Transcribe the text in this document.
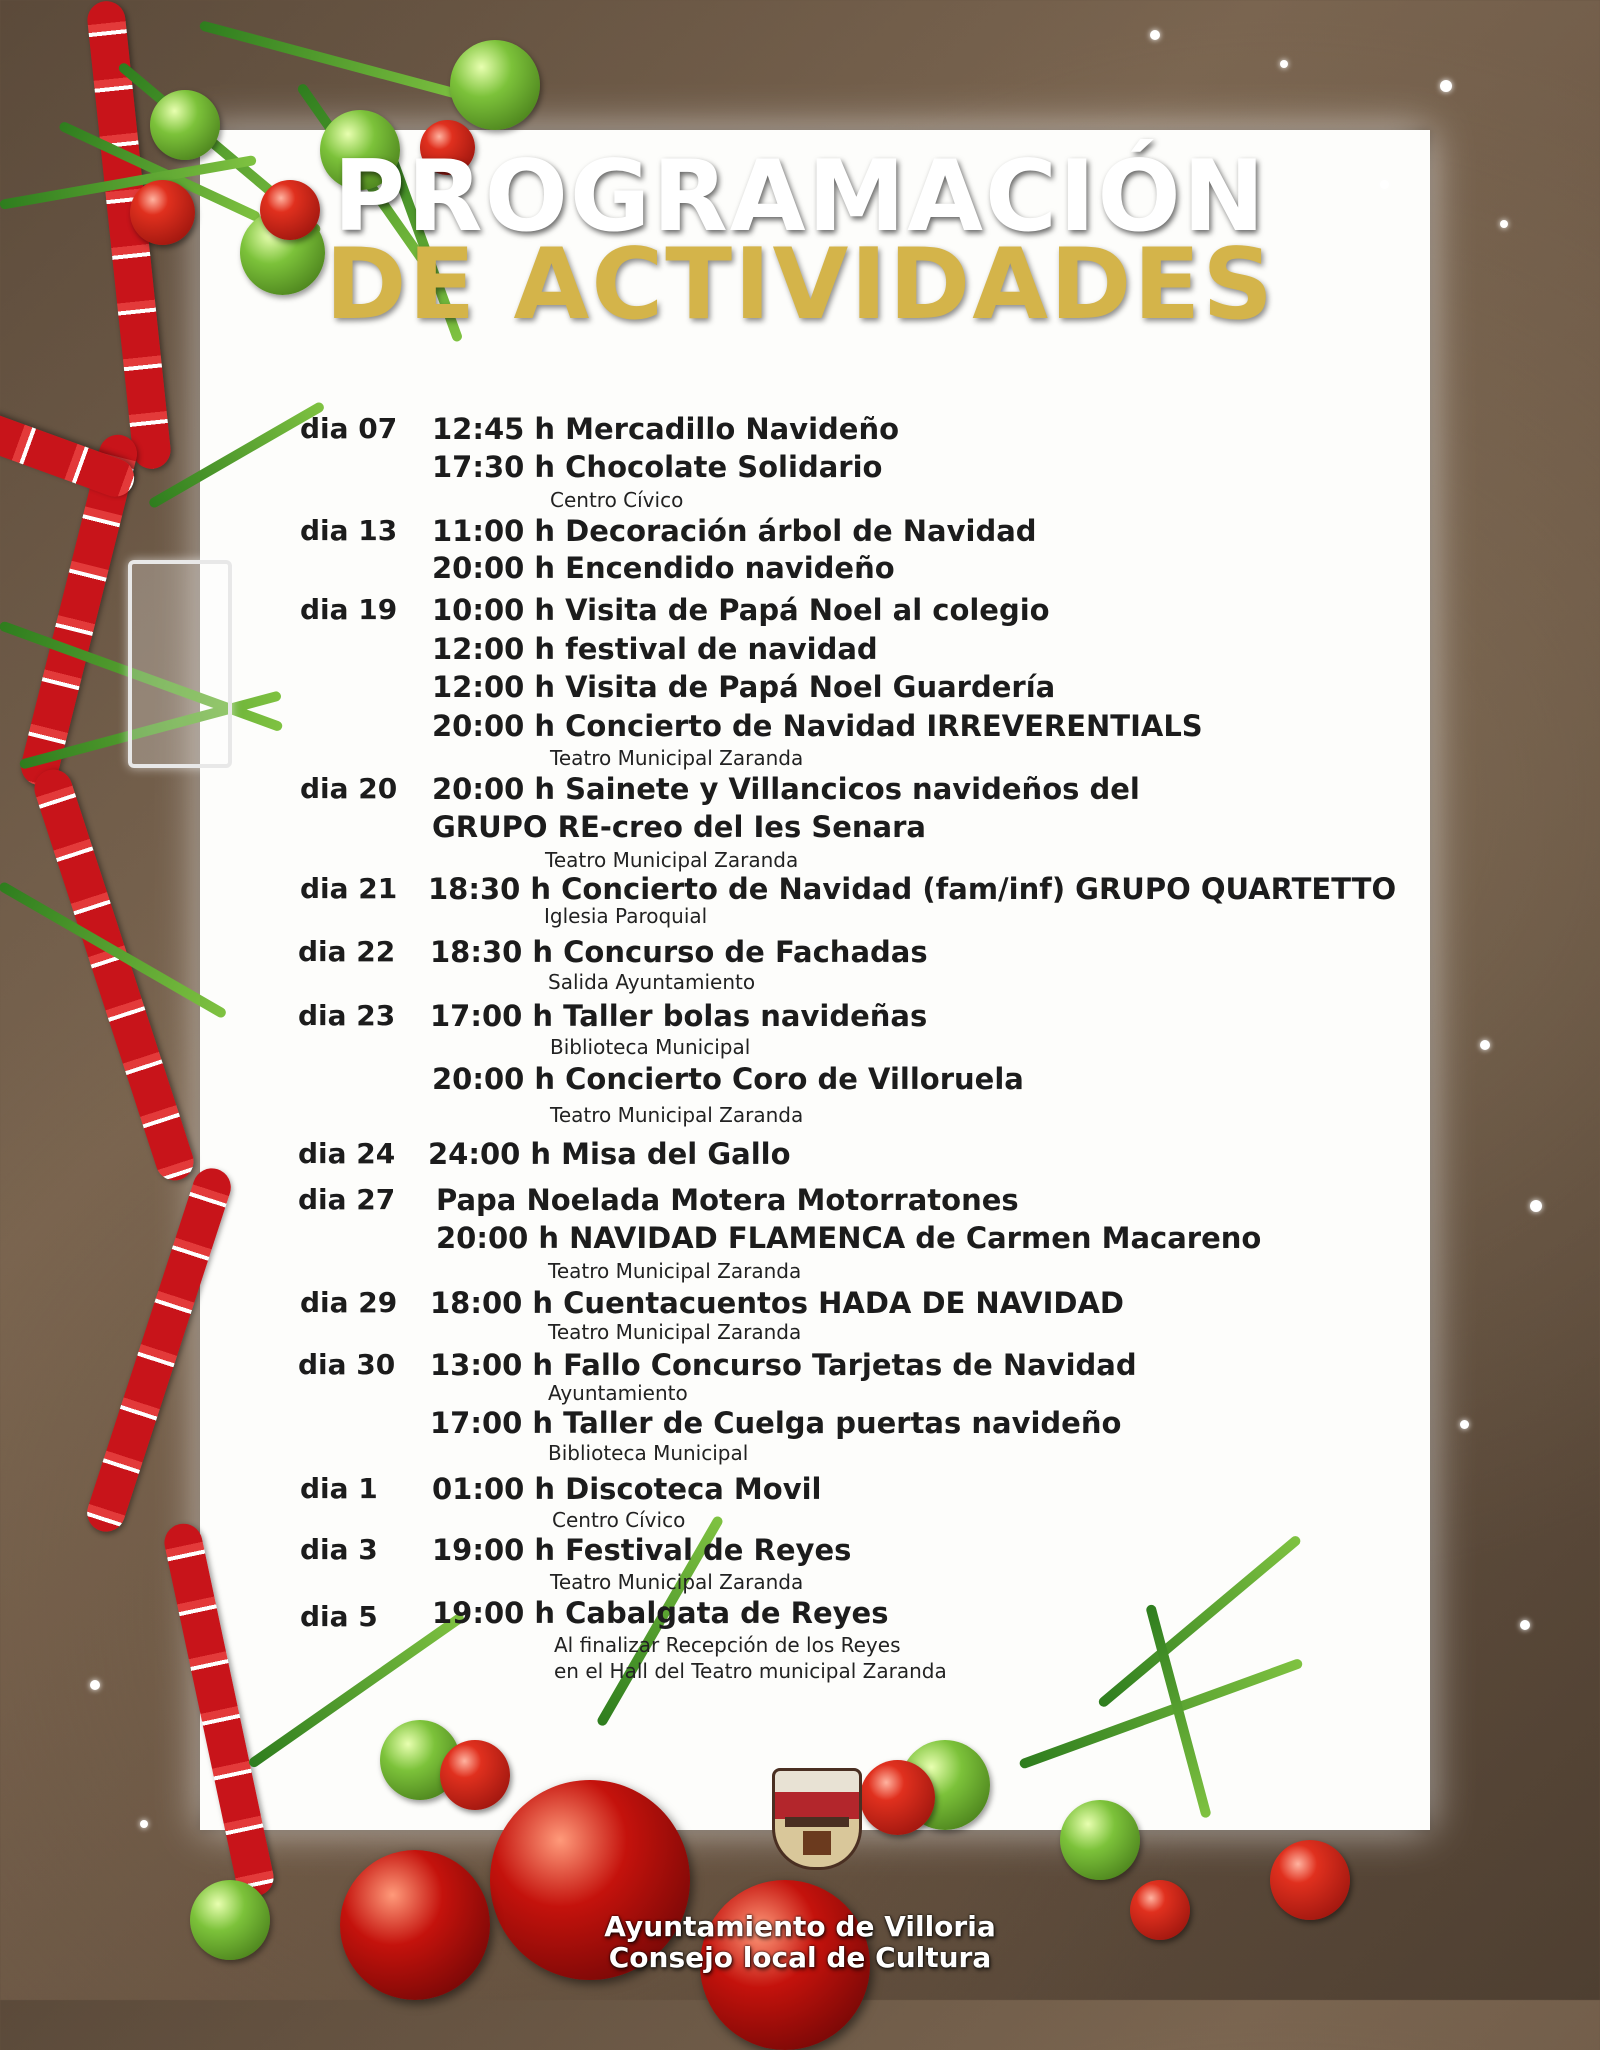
PROGRAMACIÓN
DE ACTIVIDADES
dia 07 12:45 h Mercadillo Navideño
17:30 h Chocolate Solidario
Centro Cívico
dia 13 11:00 h Decoración árbol de Navidad
20:00 h Encendido navideño
dia 19 10:00 h Visita de Papá Noel al colegio
12:00 h festival de navidad
12:00 h Visita de Papá Noel Guardería
20:00 h Concierto de Navidad IRREVERENTIALS
Teatro Municipal Zaranda
dia 20 20:00 h Sainete y Villancicos navideños del
GRUPO RE-creo del Ies Senara
Teatro Municipal Zaranda
dia 21 18:30 h Concierto de Navidad (fam/inf) GRUPO QUARTETTO
Iglesia Paroquial
dia 22 18:30 h Concurso de Fachadas
Salida Ayuntamiento
dia 23 17:00 h Taller bolas navideñas
Biblioteca Municipal
20:00 h Concierto Coro de Villoruela
Teatro Municipal Zaranda
dia 24 24:00 h Misa del Gallo
dia 27 Papa Noelada Motera Motorratones
20:00 h NAVIDAD FLAMENCA de Carmen Macareno
Teatro Municipal Zaranda
dia 29 18:00 h Cuentacuentos HADA DE NAVIDAD
Teatro Municipal Zaranda
dia 30 13:00 h Fallo Concurso Tarjetas de Navidad
Ayuntamiento
17:00 h Taller de Cuelga puertas navideño
Biblioteca Municipal
dia 1 01:00 h Discoteca Movil
Centro Cívico
dia 3 19:00 h Festival de Reyes
Teatro Municipal Zaranda
dia 5 19:00 h Cabalgata de Reyes
Al finalizar Recepción de los Reyes
en el Hall del Teatro municipal Zaranda
Ayuntamiento de Villoria
Consejo local de Cultura
